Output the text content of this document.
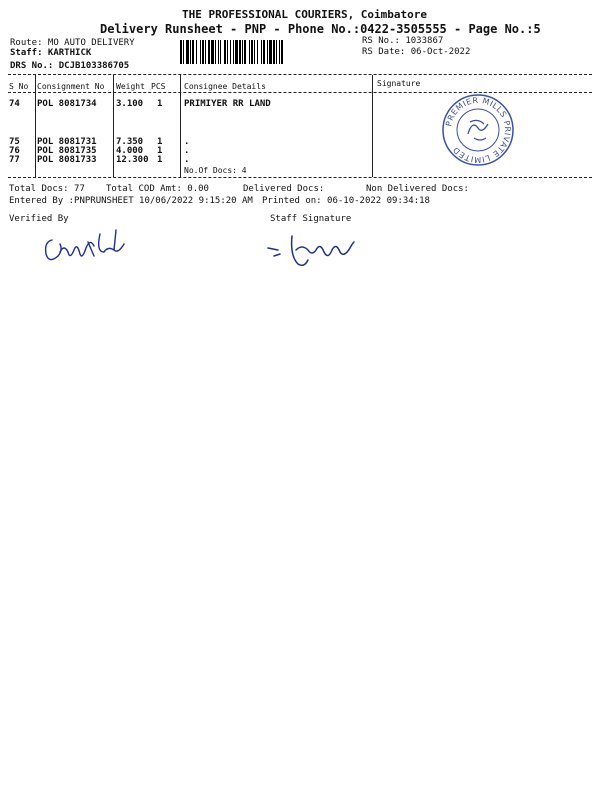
THE PROFESSIONAL COURIERS, Coimbatore
Delivery Runsheet - PNP - Phone No.:0422-3505555 - Page No.:5
Route: MO AUTO DELIVERY
Staff: KARTHICK
DRS No.: DCJB103386705
RS No.: 1033867
RS Date: 06-Oct-2022
S No Consignment No Weight PCS Consignee Details	Signature
74 POL 8081734 3.100 1 PRIMIYER RR LAND
75 POL 8081731 7.350 1 .
76 POL 8081735 4.000 1 .
77 POL 8081733 12.300 1 .
No.Of Docs: 4
PREMIER MILLS PRIVATE LIMITED
Total Docs: 77 Total COD Amt: 0.00	Delivered Docs:	Non Delivered Docs:
Entered By :PNPRUNSHEET 10/06/2022 9:15:20 AM Printed on: 06-10-2022 09:34:18
Verified By	Staff Signature
